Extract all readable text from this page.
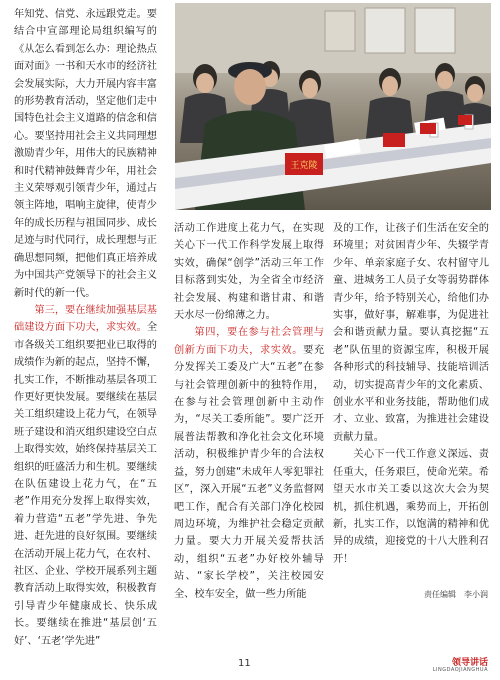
年知党、信党、永远跟党走。要结合中宣部理论局组织编写的《从怎么看到怎么办：理论热点面对面》一书和天水市的经济社会发展实际，大力开展内容丰富的形势教育活动，坚定他们走中国特色社会主义道路的信念和信心。要坚持用社会主义共同理想激励青少年，用伟大的民族精神和时代精神鼓舞青少年，用社会主义荣辱观引领青少年，通过占领主阵地，唱响主旋律，使青少年的成长历程与祖国同步、成长足迹与时代同行，成长理想与正确思想同频，把他们真正培养成为中国共产党领导下的社会主义新时代的新一代。

第三，要在继续加强基层基础建设方面下功夫，求实效。全市各级关工组织要把业已取得的成绩作为新的起点，坚持不懈，扎实工作，不断推动基层各项工作更好更快发展。要继续在基层关工组织建设上花力气，在领导班子建设和消灭组织建设空白点上取得实效，始终保持基层关工组织的旺盛活力和生机。要继续在队伍建设上花力气，在“五老”作用充分发挥上取得实效，着力营造“五老”学先进、争先进、赶先进的良好氛围。要继续在活动开展上花力气，在农村、社区、企业、学校开展系列主题教育活动上取得实效，积极教育引导青少年健康成长、快乐成长。要继续在推进“基层创‘五好’、‘五老’学先进”

王克陵

活动工作进度上花力气，在实现关心下一代工作科学发展上取得实效，确保“创学”活动三年工作目标落到实处，为全省全市经济社会发展、构建和谐甘肃、和谐天水尽一份绵薄之力。

第四，要在参与社会管理与创新方面下功夫，求实效。要充分发挥关工委及广大“五老”在参与社会管理创新中的独特作用，在参与社会管理创新中主动作为，“尽关工委所能”。要广泛开展普法帮教和净化社会文化环境活动，积极维护青少年的合法权益，努力创建“未成年人零犯罪社区”，深入开展“五老”义务监督网吧工作，配合有关部门净化校园周边环境，为维护社会稳定贡献力量。要大力开展关爱帮扶活动，组织“五老”办好校外辅导站、“家长学校”，关注校园安全、校车安全，做一些力所能

及的工作，让孩子们生活在安全的环境里；对贫困青少年、失辍学青少年、单亲家庭子女、农村留守儿童、进城务工人员子女等弱势群体青少年，给予特别关心，给他们办实事，做好事，解难事，为促进社会和谐贡献力量。要认真挖掘“五老”队伍里的资源宝库，积极开展各种形式的科技辅导、技能培训活动，切实提高青少年的文化素质、创业水平和业务技能，帮助他们成才、立业、致富，为推进社会建设贡献力量。

关心下一代工作意义深远、责任重大，任务艰巨，使命光荣。希望天水市关工委以这次大会为契机，抓住机遇，乘势而上，开拓创新，扎实工作，以饱满的精神和优异的成绩，迎接党的十八大胜利召开！

责任编辑　李小润
11	领导讲话
LINGDAOJIANGHUA
